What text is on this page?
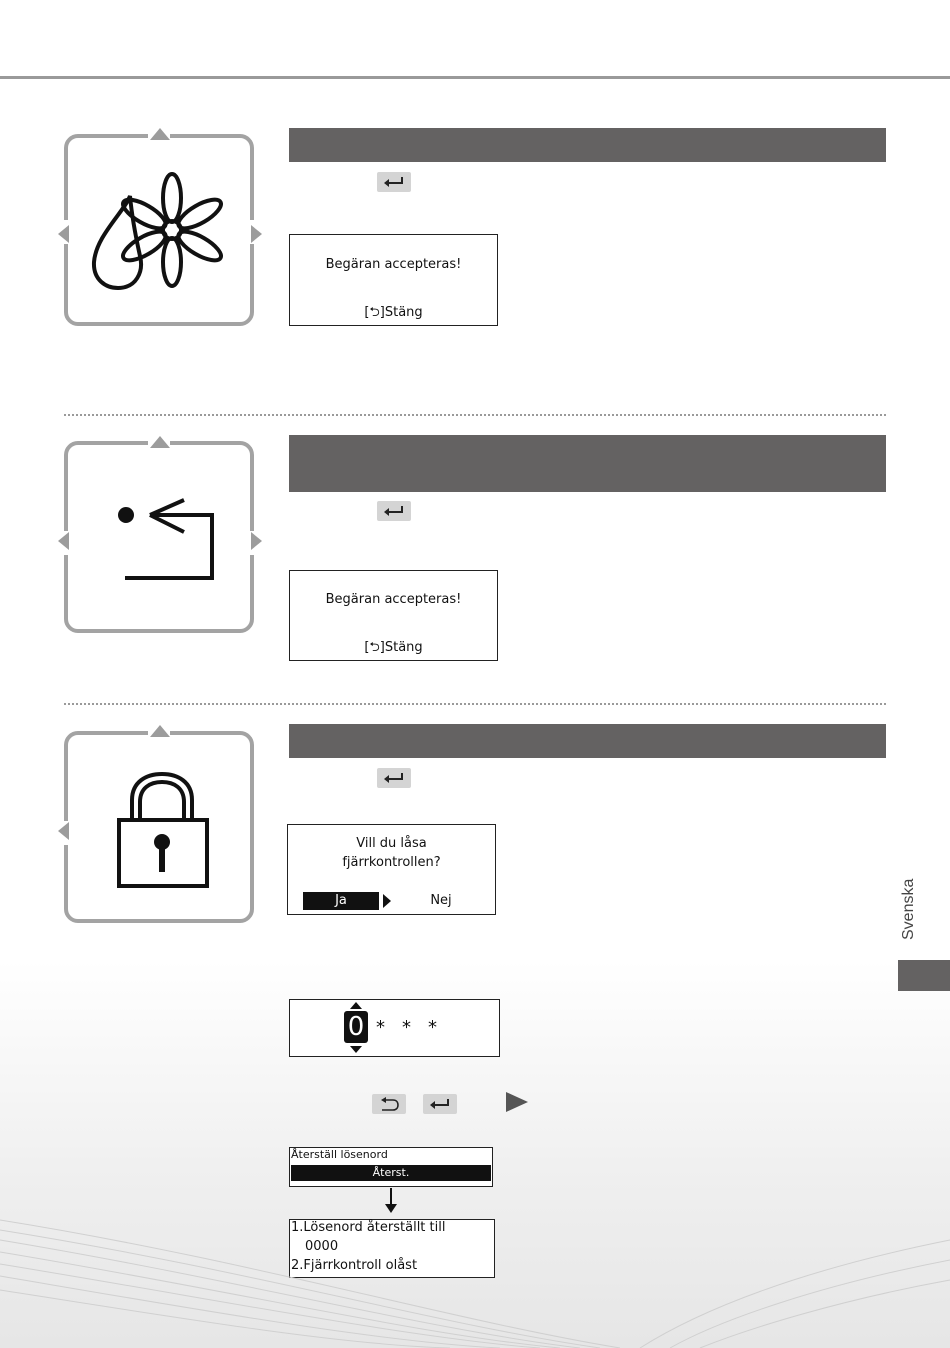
Begäran accepteras!
[⮌]Stäng
Begäran accepteras!
[⮌]Stäng
Vill du låsa
fjärrkontrollen?
Ja	Nej
0 * * *
Återställ lösenord
Återst.
1.Lösenord återställt till
0000
2.Fjärrkontroll olåst
Svenska
